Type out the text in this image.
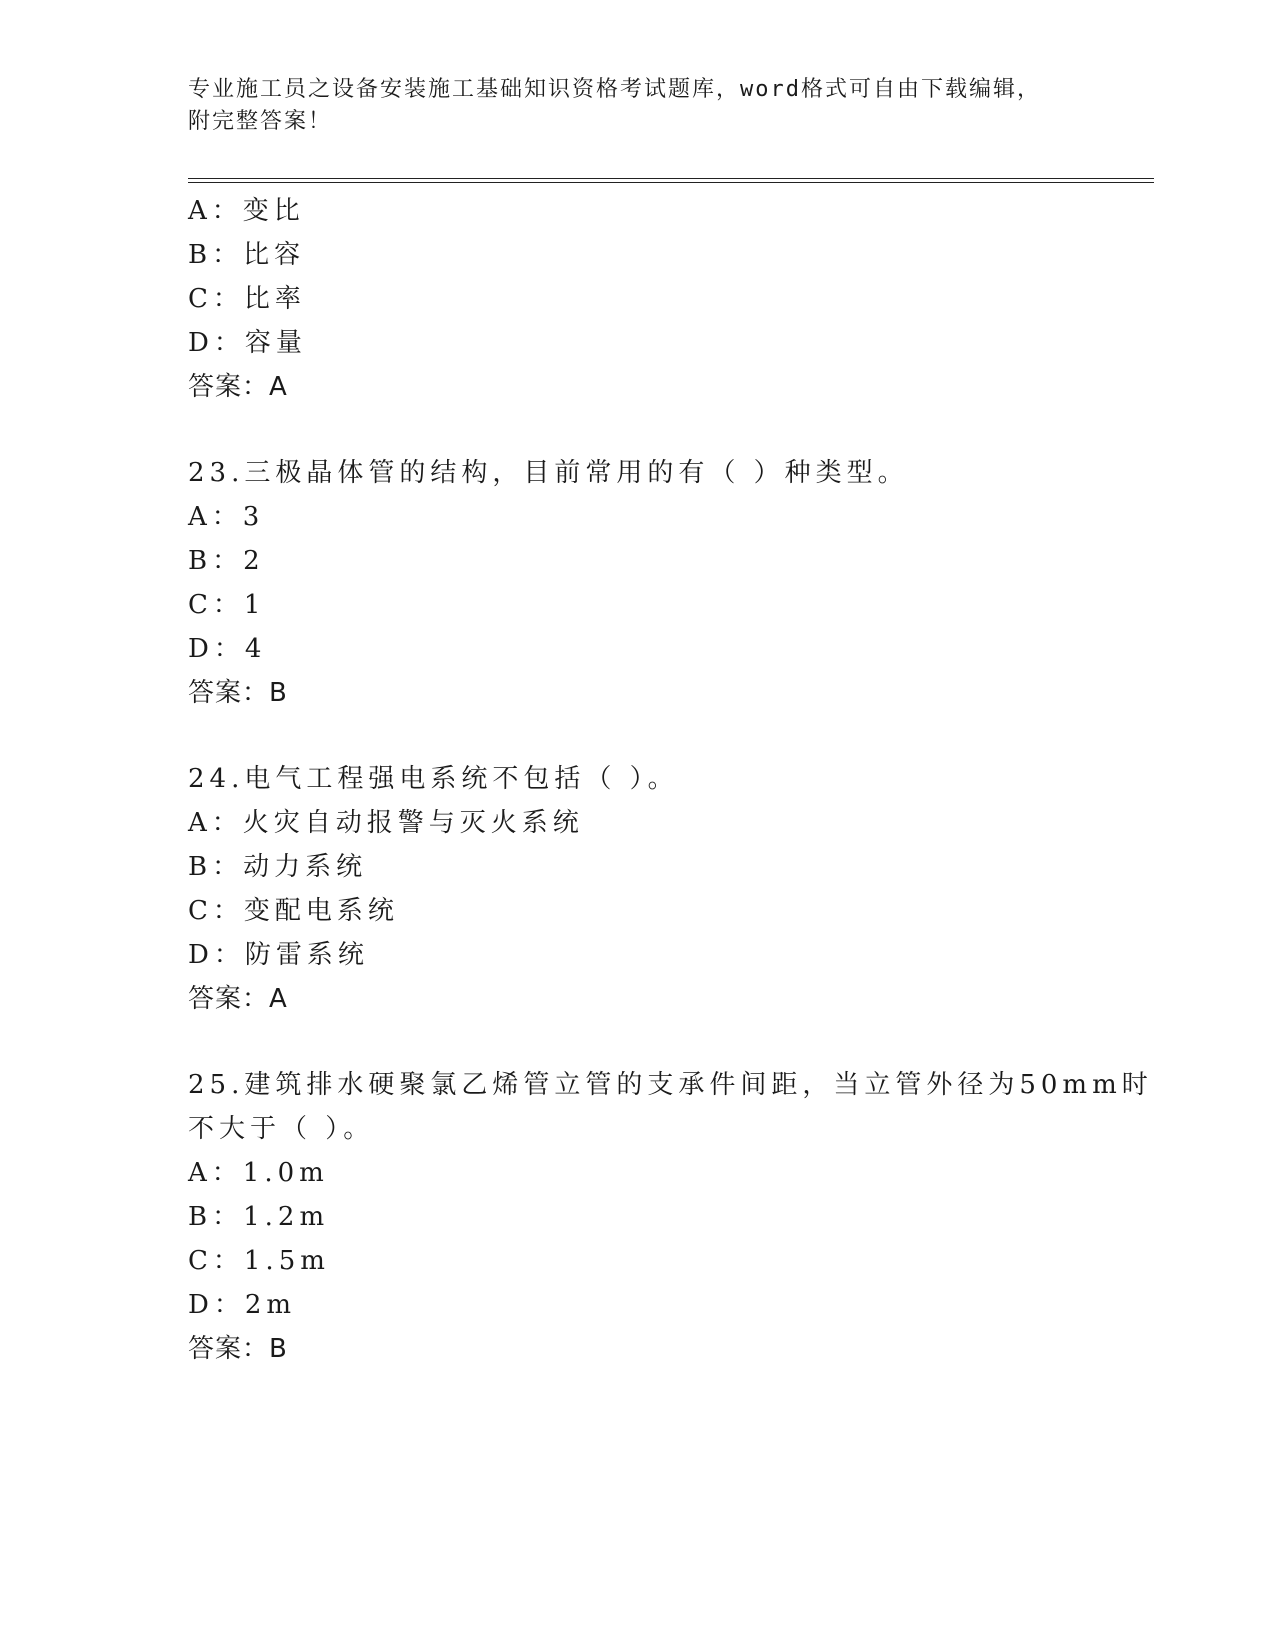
专业施工员之设备安装施工基础知识资格考试题库，word格式可自由下载编辑，
附完整答案！
A：变比
B：比容
C：比率
D：容量
答案：A
23.三极晶体管的结构，目前常用的有（ ）种类型。
A：3
B：2
C：1
D：4
答案：B
24.电气工程强电系统不包括（ ）。
A：火灾自动报警与灭火系统
B：动力系统
C：变配电系统
D：防雷系统
答案：A
25.建筑排水硬聚氯乙烯管立管的支承件间距，当立管外径为50mm时
不大于（ ）。
A：1.0m
B：1.2m
C：1.5m
D：2m
答案：B
